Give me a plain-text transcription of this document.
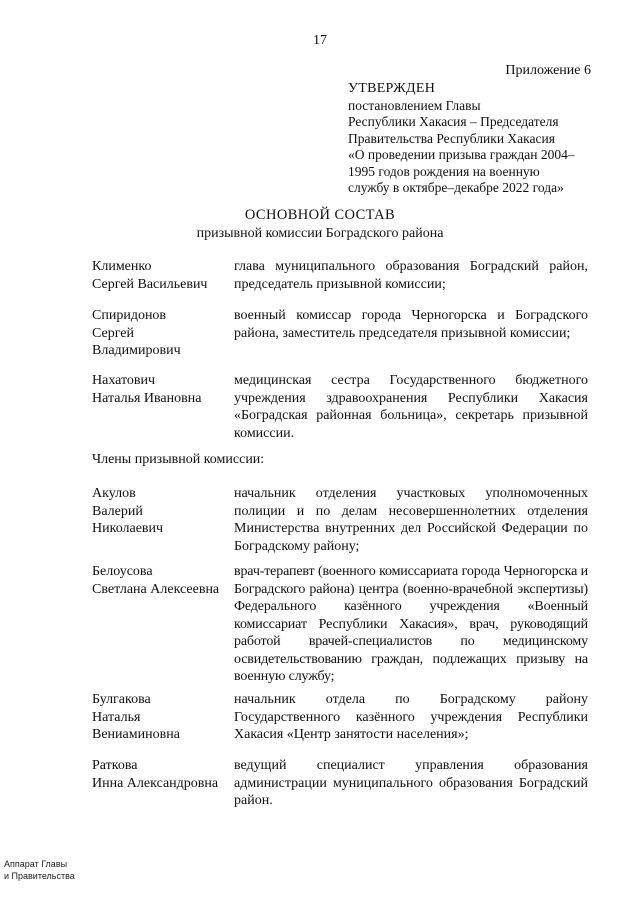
17
Приложение 6
УТВЕРЖДЕН
постановлением Главы
Республики Хакасия – Председателя
Правительства Республики Хакасия
«О проведении призыва граждан 2004–
1995 годов рождения на военную
службу в октябре–декабре 2022 года»
ОСНОВНОЙ СОСТАВ
призывной комиссии Боградского района
Клименко
Сергей Васильевич
глава муниципального образования Боградский район, председатель призывной комиссии;
Спиридонов
Сергей
Владимирович
военный комиссар города Черногорска и Боградского района, заместитель председателя призывной комиссии;
Нахатович
Наталья Ивановна
медицинская сестра Государственного бюджетного учреждения здравоохранения Республики Хакасия «Боградская районная больница», секретарь призывной комиссии.
Члены призывной комиссии:
Акулов
Валерий
Николаевич
начальник отделения участковых уполномоченных полиции и по делам несовершеннолетних отделения Министерства внутренних дел Российской Федерации по Боградскому району;
Белоусова
Светлана Алексеевна
врач-терапевт (военного комиссариата города Черногорска и Боградского района) центра (военно-врачебной экспертизы) Федерального казённого учреждения «Военный комиссариат Республики Хакасия», врач, руководящий работой врачей-специалистов по медицинскому освидетельствованию граждан, подлежащих призыву на военную службу;
Булгакова
Наталья
Вениаминовна
начальник отдела по Боградскому району Государственного казённого учреждения Республики Хакасия «Центр занятости населения»;
Раткова
Инна Александровна
ведущий специалист управления образования администрации муниципального образования Боградский район.
Аппарат Главы
и Правительства
